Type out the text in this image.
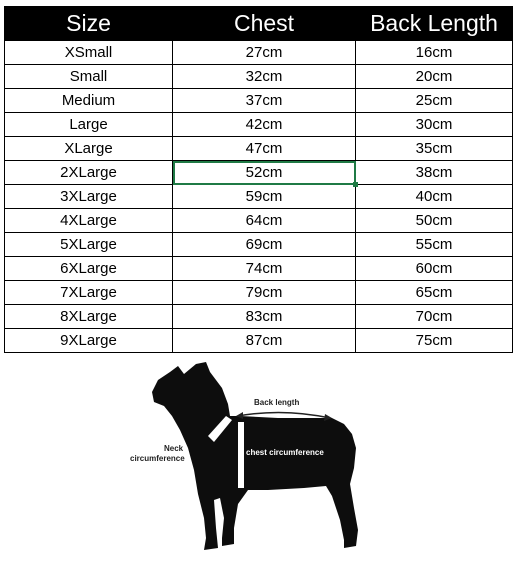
Size	Chest	Back Length
XSmall	27cm	16cm
Small	32cm	20cm
Medium	37cm	25cm
Large	42cm	30cm
XLarge	47cm	35cm
2XLarge	52cm	38cm
3XLarge	59cm	40cm
4XLarge	64cm	50cm
5XLarge	69cm	55cm
6XLarge	74cm	60cm
7XLarge	79cm	65cm
8XLarge	83cm	70cm
9XLarge	87cm	75cm
Back length
Neck
circumference
chest circumference
